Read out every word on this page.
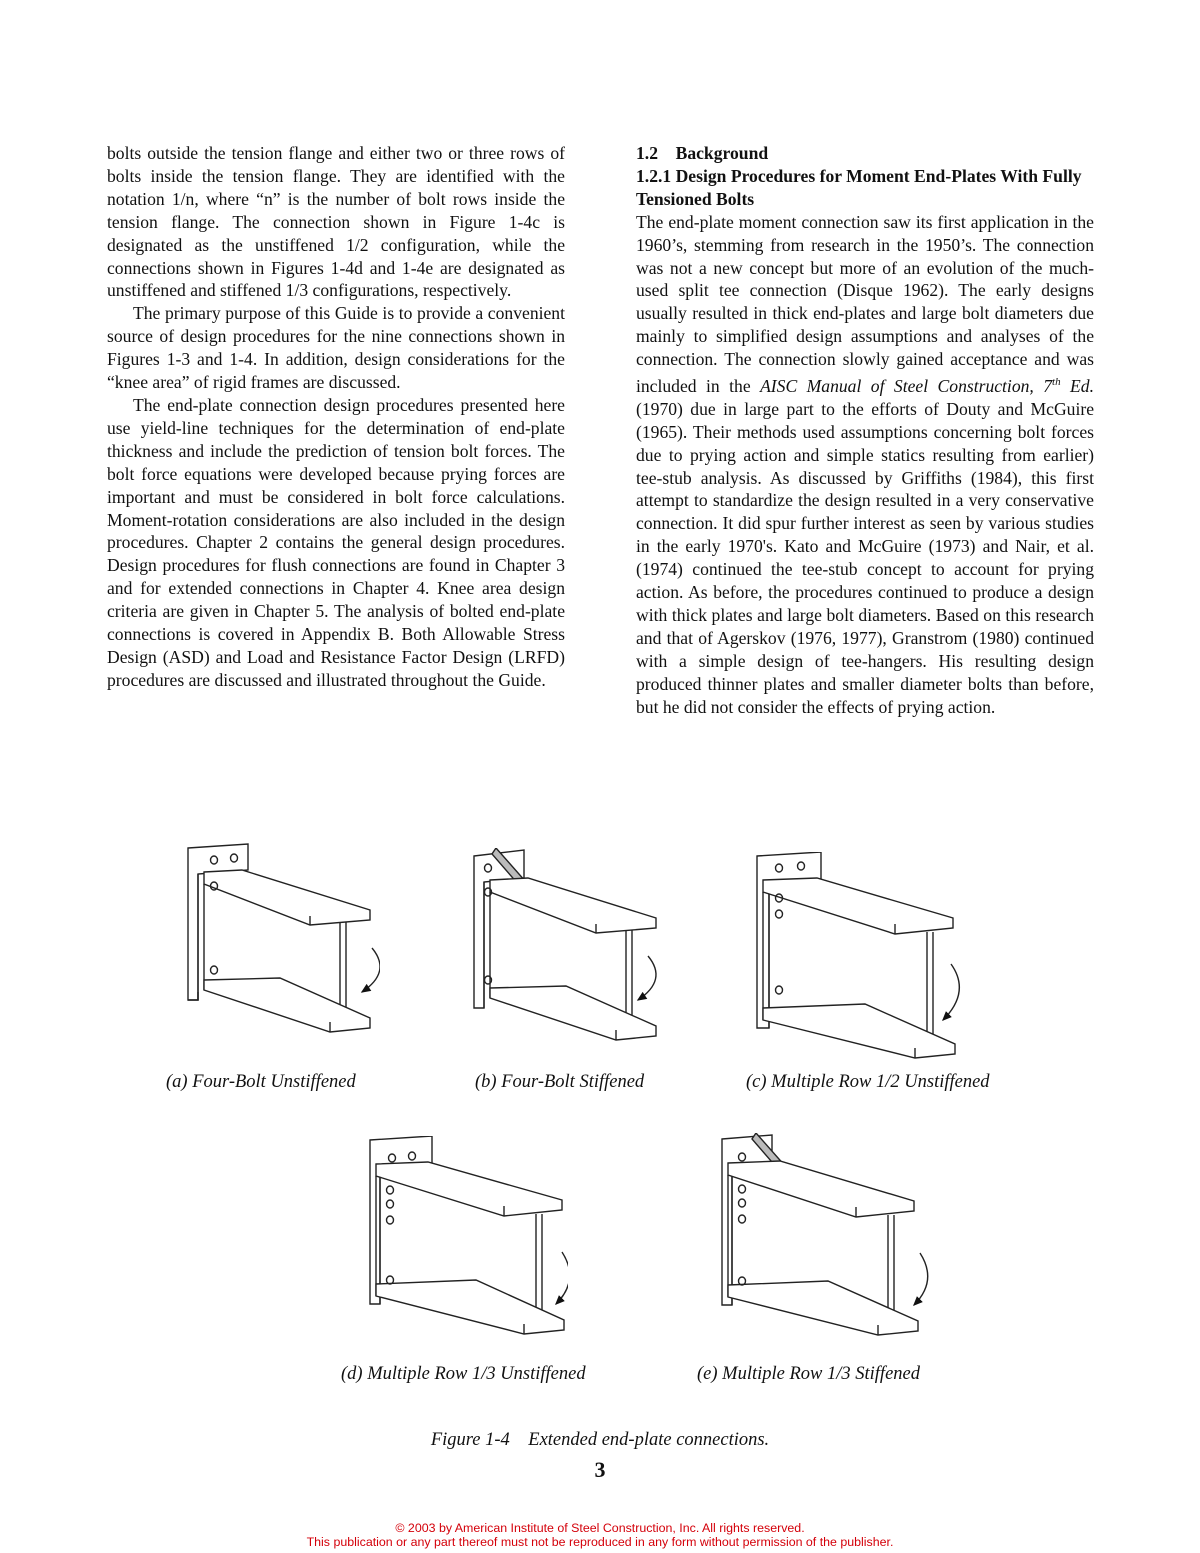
bolts outside the tension flange and either two or three rows of bolts inside the tension flange. They are identified with the notation 1/n, where “n” is the number of bolt rows inside the tension flange. The connection shown in Figure 1-4c is designated as the unstiffened 1/2 configuration, while the connections shown in Figures 1-4d and 1-4e are designated as unstiffened and stiffened 1/3 configurations, respectively.

The primary purpose of this Guide is to provide a convenient source of design procedures for the nine connections shown in Figures 1-3 and 1-4. In addition, design considerations for the “knee area” of rigid frames are discussed.

The end-plate connection design procedures presented here use yield-line techniques for the determination of end-plate thickness and include the prediction of tension bolt forces. The bolt force equations were developed because prying forces are important and must be considered in bolt force calculations. Moment-rotation considerations are also included in the design procedures. Chapter 2 contains the general design procedures. Design procedures for flush connections are found in Chapter 3 and for extended connections in Chapter 4. Knee area design criteria are given in Chapter 5. The analysis of bolted end-plate connections is covered in Appendix B. Both Allowable Stress Design (ASD) and Load and Resistance Factor Design (LRFD) procedures are discussed and illustrated throughout the Guide.

1.2 Background

1.2.1 Design Procedures for Moment End-Plates With Fully Tensioned Bolts

The end-plate moment connection saw its first application in the 1960’s, stemming from research in the 1950’s. The connection was not a new concept but more of an evolution of the much-used split tee connection (Disque 1962). The early designs usually resulted in thick end-plates and large bolt diameters due mainly to simplified design assumptions and analyses of the connection. The connection slowly gained acceptance and was included in the AISC Manual of Steel Construction, 7th Ed. (1970) due in large part to the efforts of Douty and McGuire (1965). Their methods used assumptions concerning bolt forces due to prying action and simple statics resulting from earlier) tee-stub analysis. As discussed by Griffiths (1984), this first attempt to standardize the design resulted in a very conservative connection. It did spur further interest as seen by various studies in the early 1970's. Kato and McGuire (1973) and Nair, et al. (1974) continued the tee-stub concept to account for prying action. As before, the procedures continued to produce a design with thick plates and large bolt diameters. Based on this research and that of Agerskov (1976, 1977), Granstrom (1980) continued with a simple design of tee-hangers. His resulting design produced thinner plates and smaller diameter bolts than before, but he did not consider the effects of prying action.

(a) Four-Bolt Unstiffened	(b) Four-Bolt Stiffened	(c) Multiple Row 1/2 Unstiffened
(d) Multiple Row 1/3 Unstiffened	(e) Multiple Row 1/3 Stiffened
Figure 1-4 Extended end-plate connections.
3
© 2003 by American Institute of Steel Construction, Inc. All rights reserved.
This publication or any part thereof must not be reproduced in any form without permission of the publisher.
